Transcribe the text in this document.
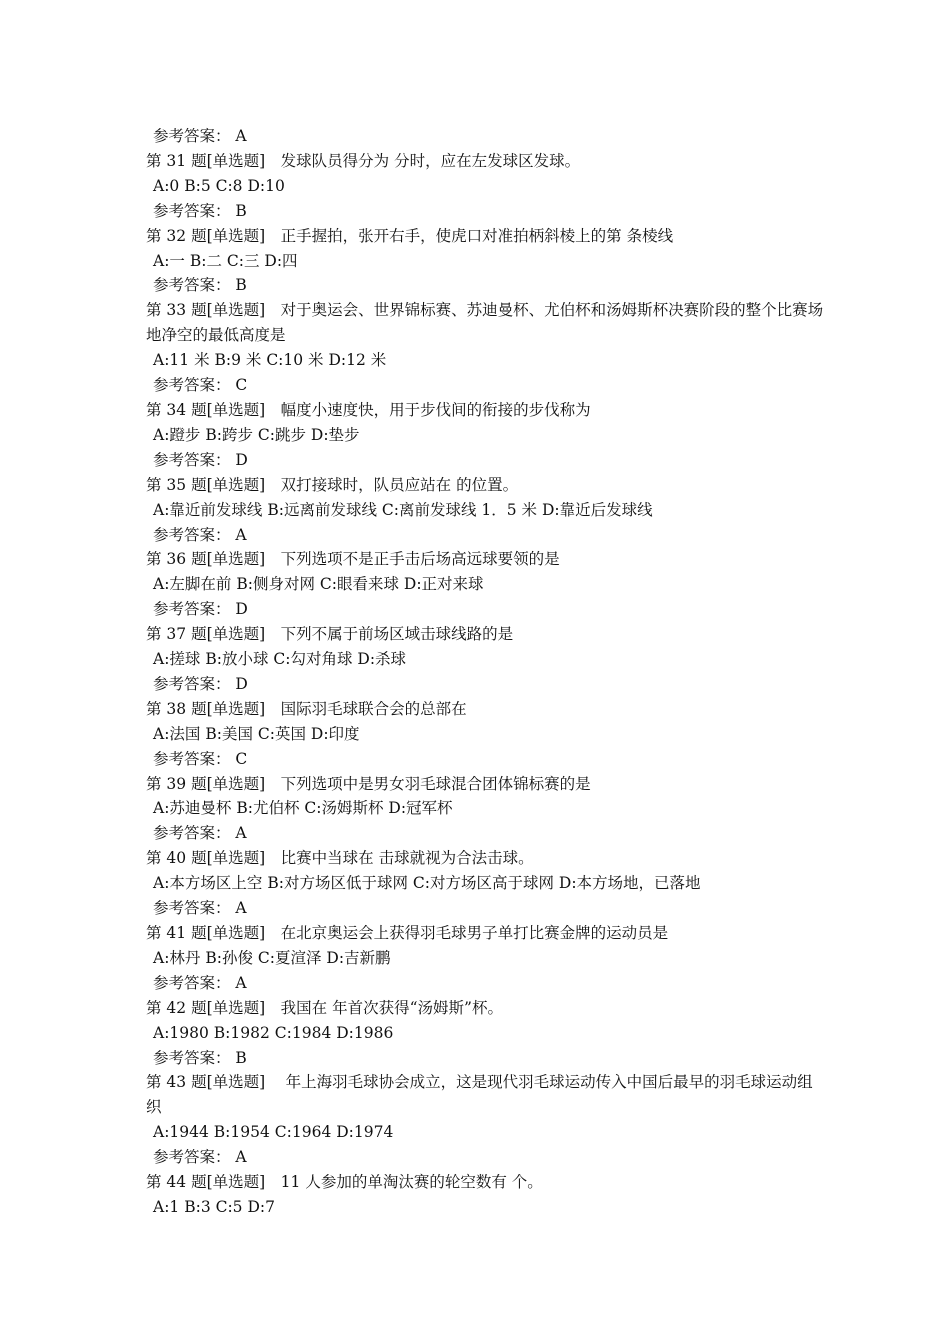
参考答案： A
第 31 题[单选题]　发球队员得分为 分时，应在左发球区发球。
A:0 B:5 C:8 D:10
参考答案： B
第 32 题[单选题]　正手握拍，张开右手，使虎口对准拍柄斜棱上的第 条棱线
A:一 B:二 C:三 D:四
参考答案： B
第 33 题[单选题]　对于奥运会、世界锦标赛、苏迪曼杯、尤伯杯和汤姆斯杯决赛阶段的整个比赛场地净空的最低高度是
A:11 米 B:9 米 C:10 米 D:12 米
参考答案： C
第 34 题[单选题]　幅度小速度快，用于步伐间的衔接的步伐称为
A:蹬步 B:跨步 C:跳步 D:垫步
参考答案： D
第 35 题[单选题]　双打接球时，队员应站在 的位置。
A:靠近前发球线 B:远离前发球线 C:离前发球线 1．5 米 D:靠近后发球线
参考答案： A
第 36 题[单选题]　下列选项不是正手击后场高远球要领的是
A:左脚在前 B:侧身对网 C:眼看来球 D:正对来球
参考答案： D
第 37 题[单选题]　下列不属于前场区域击球线路的是
A:搓球 B:放小球 C:勾对角球 D:杀球
参考答案： D
第 38 题[单选题]　国际羽毛球联合会的总部在
A:法国 B:美国 C:英国 D:印度
参考答案： C
第 39 题[单选题]　下列选项中是男女羽毛球混合团体锦标赛的是
A:苏迪曼杯 B:尤伯杯 C:汤姆斯杯 D:冠军杯
参考答案： A
第 40 题[单选题]　比赛中当球在 击球就视为合法击球。
A:本方场区上空 B:对方场区低于球网 C:对方场区高于球网 D:本方场地，已落地
参考答案： A
第 41 题[单选题]　在北京奥运会上获得羽毛球男子单打比赛金牌的运动员是
A:林丹 B:孙俊 C:夏渲泽 D:吉新鹏
参考答案： A
第 42 题[单选题]　我国在 年首次获得“汤姆斯”杯。
A:1980 B:1982 C:1984 D:1986
参考答案： B
第 43 题[单选题]　 年上海羽毛球协会成立，这是现代羽毛球运动传入中国后最早的羽毛球运动组织
A:1944 B:1954 C:1964 D:1974
参考答案： A
第 44 题[单选题]　11 人参加的单淘汰赛的轮空数有 个。
A:1 B:3 C:5 D:7
